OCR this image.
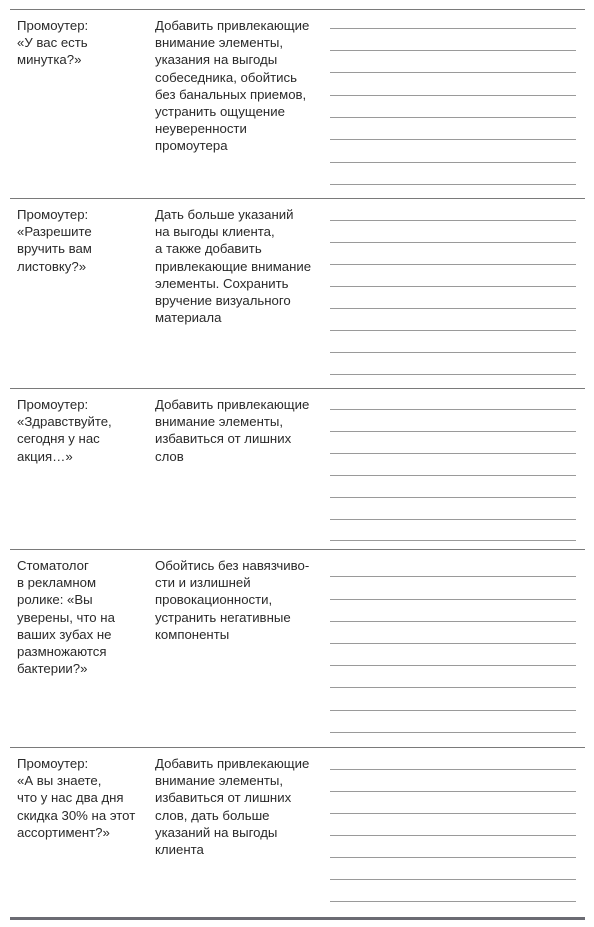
Промоутер:
«У вас есть
минутка?»
Добавить привлекающие
внимание элементы,
указания на выгоды
собеседника, обойтись
без банальных приемов,
устранить ощущение
неуверенности
промоутера
Промоутер:
«Разрешите
вручить вам
листовку?»
Дать больше указаний
на выгоды клиента,
а также добавить
привлекающие внимание
элементы. Сохранить
вручение визуального
материала
Промоутер:
«Здравствуйте,
сегодня у нас
акция…»
Добавить привлекающие
внимание элементы,
избавиться от лишних
слов
Стоматолог
в рекламном
ролике: «Вы
уверены, что на
ваших зубах не
размножаются
бактерии?»
Обойтись без навязчиво-
сти и излишней
провокационности,
устранить негативные
компоненты
Промоутер:
«А вы знаете,
что у нас два дня
скидка 30% на этот
ассортимент?»
Добавить привлекающие
внимание элементы,
избавиться от лишних
слов, дать больше
указаний на выгоды
клиента
